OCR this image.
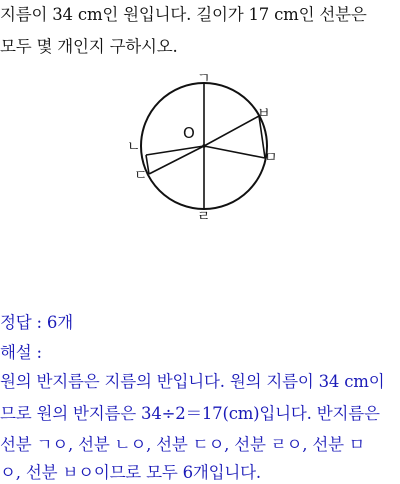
지름이 34 cm인 원입니다. 길이가 17 cm인 선분은
모두 몇 개인지 구하시오.
O
ㄱ
ㅂ
ㅁ
ㄹ
ㄴ
ㄷ
정답 : 6개
해설 :
원의 반지름은 지름의 반입니다. 원의 지름이 34 cm이
므로 원의 반지름은 34÷2＝17(cm)입니다. 반지름은
선분 ㄱㅇ, 선분 ㄴㅇ, 선분 ㄷㅇ, 선분 ㄹㅇ, 선분 ㅁ
ㅇ, 선분 ㅂㅇ이므로 모두 6개입니다.
